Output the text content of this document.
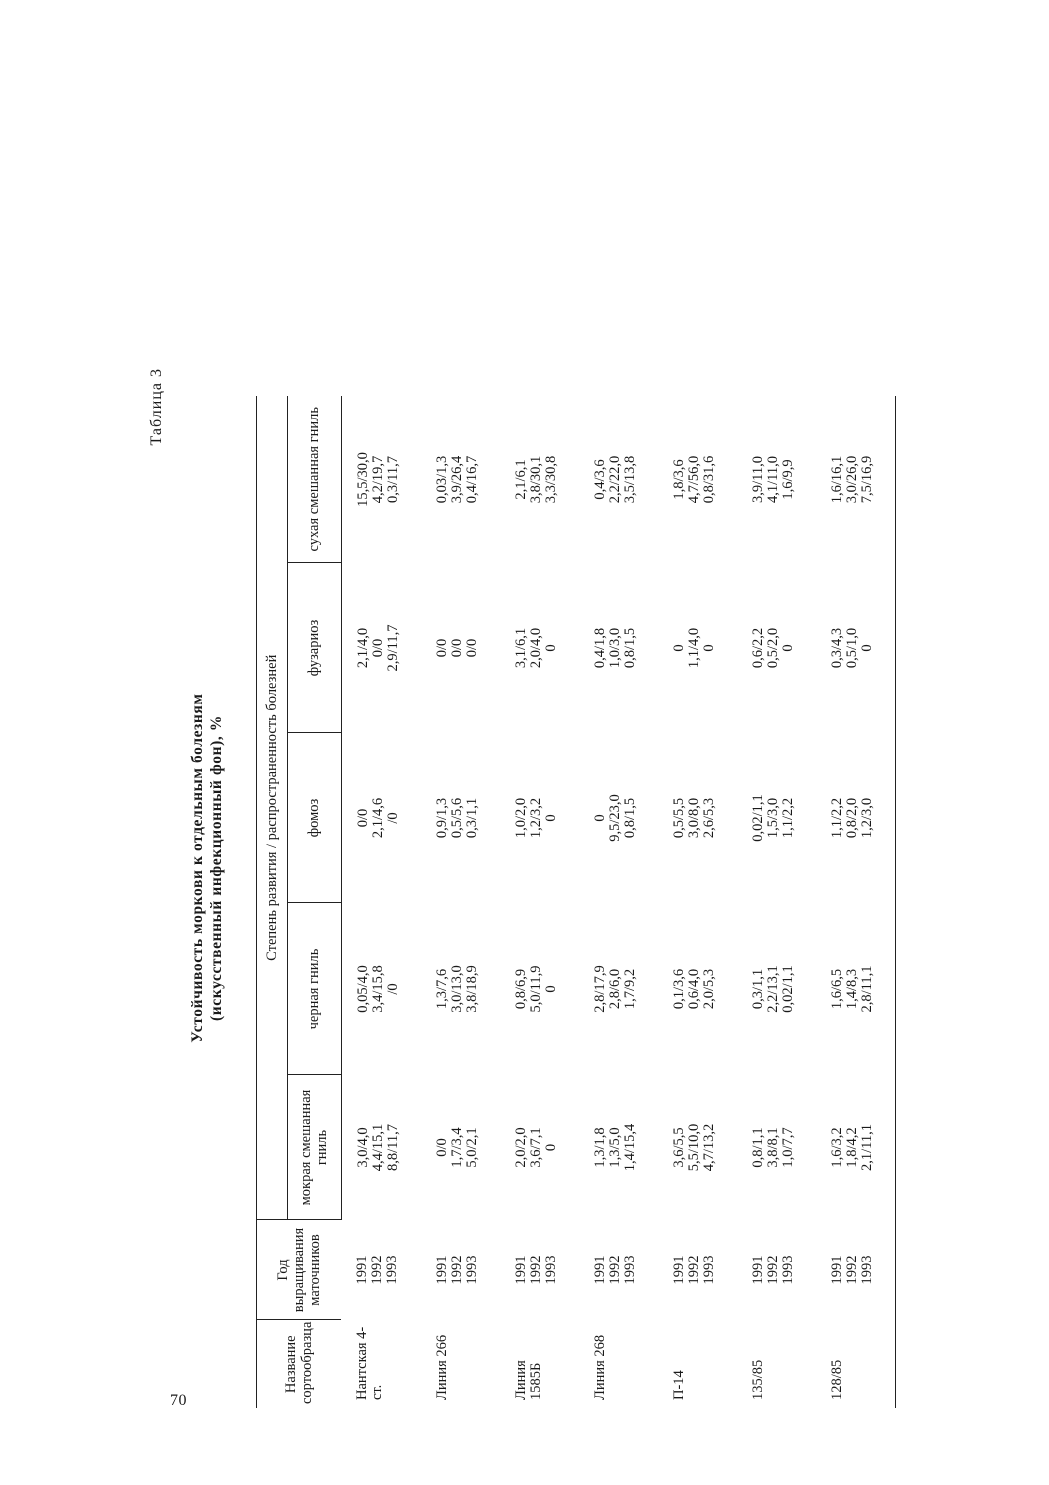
70
Таблица 3
Устойчивость моркови к отдельным болезням (искусственный инфекционный фон), %
Название сортообразца	Год выращивания маточников	Степень развития / распространенность болезней				
		мокрая смешанная гниль	черная гниль	фомоз	фузариоз	сухая смешанная гниль
Нантская 4-ст.	1991
1992
1993	3,0/4,0
4,4/15,1
8,8/11,7	0,05/4,0
3,4/15,8
/0	0/0
2,1/4,6
/0	2,1/4,0
0/0
2,9/11,7	15,5/30,0
4,2/19,7
0,3/11,7
Линия 266	1991
1992
1993	0/0
1,7/3,4
5,0/2,1	1,3/7,6
3,0/13,0
3,8/18,9	0,9/1,3
0,5/5,6
0,3/1,1	0/0
0/0
0/0	0,03/1,3
3,9/26,4
0,4/16,7
Линия 1585Б	1991
1992
1993	2,0/2,0
3,6/7,1
0	0,8/6,9
5,0/11,9
0	1,0/2,0
1,2/3,2
0	3,1/6,1
2,0/4,0
0	2,1/6,1
3,8/30,1
3,3/30,8
Линия 268	1991
1992
1993	1,3/1,8
1,3/5,0
1,4/15,4	2,8/17,9
2,8/6,0
1,7/9,2	0
9,5/23,0
0,8/1,5	0,4/1,8
1,0/3,0
0,8/1,5	0,4/3,6
2,2/22,0
3,5/13,8
П-14	1991
1992
1993	3,6/5,5
5,5/10,0
4,7/13,2	0,1/3,6
0,6/4,0
2,0/5,3	0,5/5,5
3,0/8,0
2,6/5,3	0
1,1/4,0
0	1,8/3,6
4,7/56,0
0,8/31,6
135/85	1991
1992
1993	0,8/1,1
3,8/8,1
1,0/7,7	0,3/1,1
2,2/13,1
0,02/1,1	0,02/1,1
1,5/3,0
1,1/2,2	0,6/2,2
0,5/2,0
0	3,9/11,0
4,1/11,0
1,6/9,9
128/85	1991
1992
1993	1,6/3,2
1,8/4,2
2,1/11,1	1,6/6,5
1,4/8,3
2,8/11,1	1,1/2,2
0,8/2,0
1,2/3,0	0,3/4,3
0,5/1,0
0	1,6/16,1
3,0/26,0
7,5/16,9
